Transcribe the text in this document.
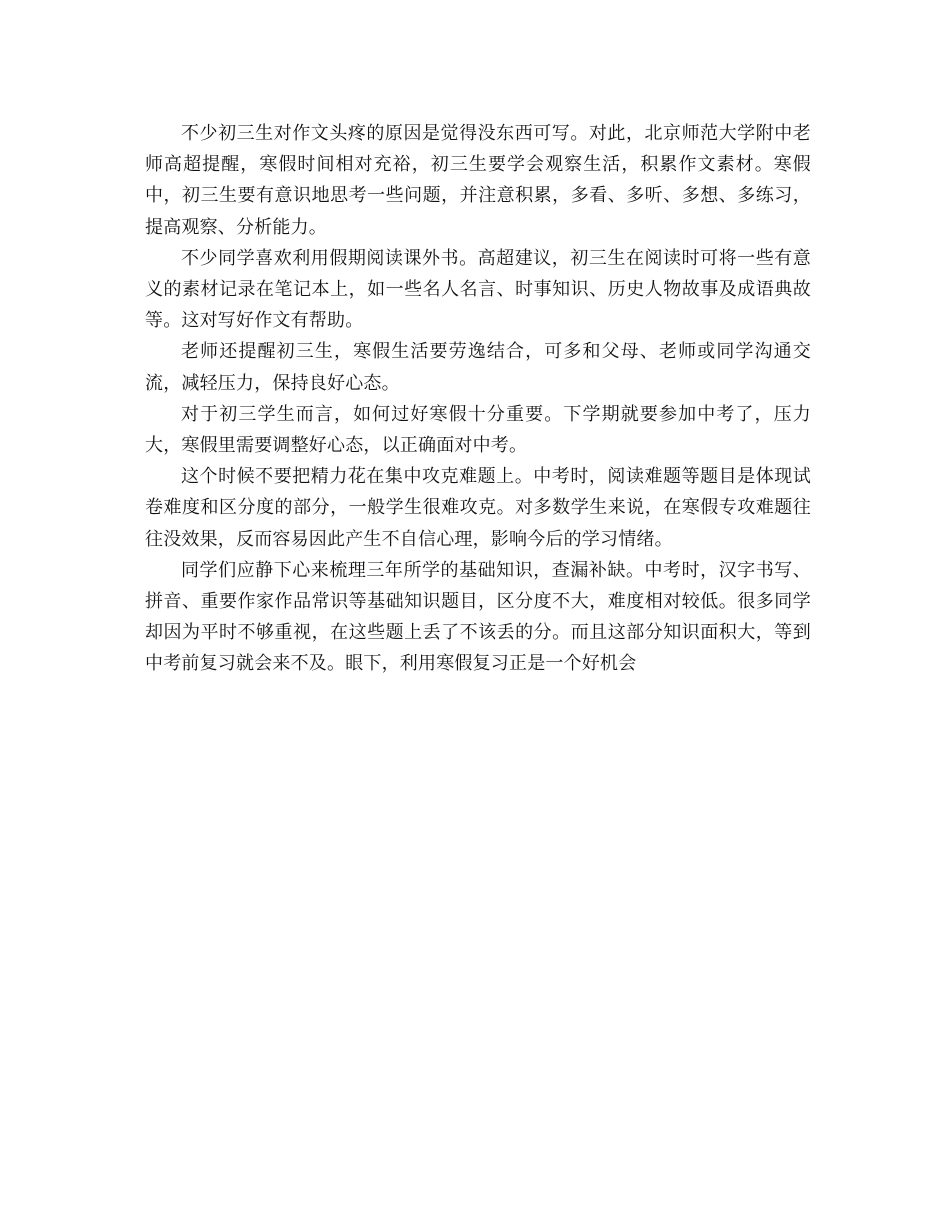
不少初三生对作文头疼的原因是觉得没东西可写。对此，北京师范大学附中老师高超提醒，寒假时间相对充裕，初三生要学会观察生活，积累作文素材。寒假中，初三生要有意识地思考一些问题，并注意积累，多看、多听、多想、多练习，提高观察、分析能力。

不少同学喜欢利用假期阅读课外书。高超建议，初三生在阅读时可将一些有意义的素材记录在笔记本上，如一些名人名言、时事知识、历史人物故事及成语典故等。这对写好作文有帮助。

老师还提醒初三生，寒假生活要劳逸结合，可多和父母、老师或同学沟通交流，减轻压力，保持良好心态。

对于初三学生而言，如何过好寒假十分重要。下学期就要参加中考了，压力大，寒假里需要调整好心态，以正确面对中考。

这个时候不要把精力花在集中攻克难题上。中考时，阅读难题等题目是体现试卷难度和区分度的部分，一般学生很难攻克。对多数学生来说，在寒假专攻难题往往没效果，反而容易因此产生不自信心理，影响今后的学习情绪。

同学们应静下心来梳理三年所学的基础知识，查漏补缺。中考时，汉字书写、拼音、重要作家作品常识等基础知识题目，区分度不大，难度相对较低。很多同学却因为平时不够重视，在这些题上丢了不该丢的分。而且这部分知识面积大，等到中考前复习就会来不及。眼下，利用寒假复习正是一个好机会
